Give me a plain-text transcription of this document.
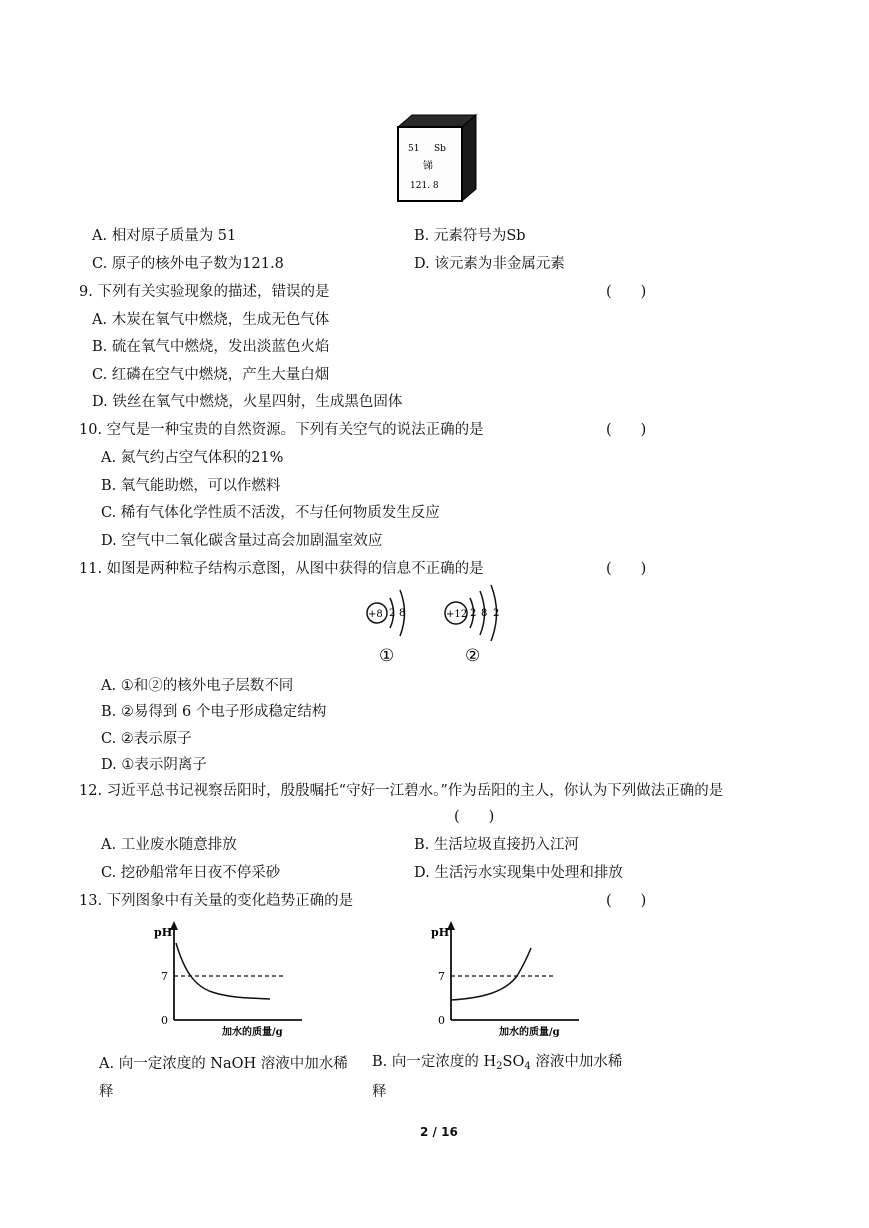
51 Sb
锑
121. 8
A. 相对原子质量为 51	B. 元素符号为Sb
C. 原子的核外电子数为121.8	D. 该元素为非金属元素
9. 下列有关实验现象的描述，错误的是	(　　)
A. 木炭在氧气中燃烧，生成无色气体
B. 硫在氧气中燃烧，发出淡蓝色火焰
C. 红磷在空气中燃烧，产生大量白烟
D. 铁丝在氧气中燃烧，火星四射，生成黑色固体
10. 空气是一种宝贵的自然资源。下列有关空气的说法正确的是	(　　)
A. 氮气约占空气体积的21%
B. 氧气能助燃，可以作燃料
C. 稀有气体化学性质不活泼，不与任何物质发生反应
D. 空气中二氧化碳含量过高会加剧温室效应
11. 如图是两种粒子结构示意图，从图中获得的信息不正确的是	(　　)
+8 2 8
①
+12 2 8 2
②
A. ①和②的核外电子层数不同
B. ②易得到 6 个电子形成稳定结构
C. ②表示原子
D. ①表示阴离子
12. 习近平总书记视察岳阳时，殷殷嘱托“守好一江碧水。”作为岳阳的主人，你认为下列做法正确的是
(　　)
A. 工业废水随意排放	B. 生活垃圾直接扔入江河
C. 挖砂船常年日夜不停采砂	D. 生活污水实现集中处理和排放
13. 下列图象中有关量的变化趋势正确的是	(　　)
pH
7
0
加水的质量/g
pH
7
0
加水的质量/g
A. 向一定浓度的 NaOH 溶液中加水稀
释
B. 向一定浓度的 $H_2SO_4$ 溶液中加水稀
释
2 / 16
